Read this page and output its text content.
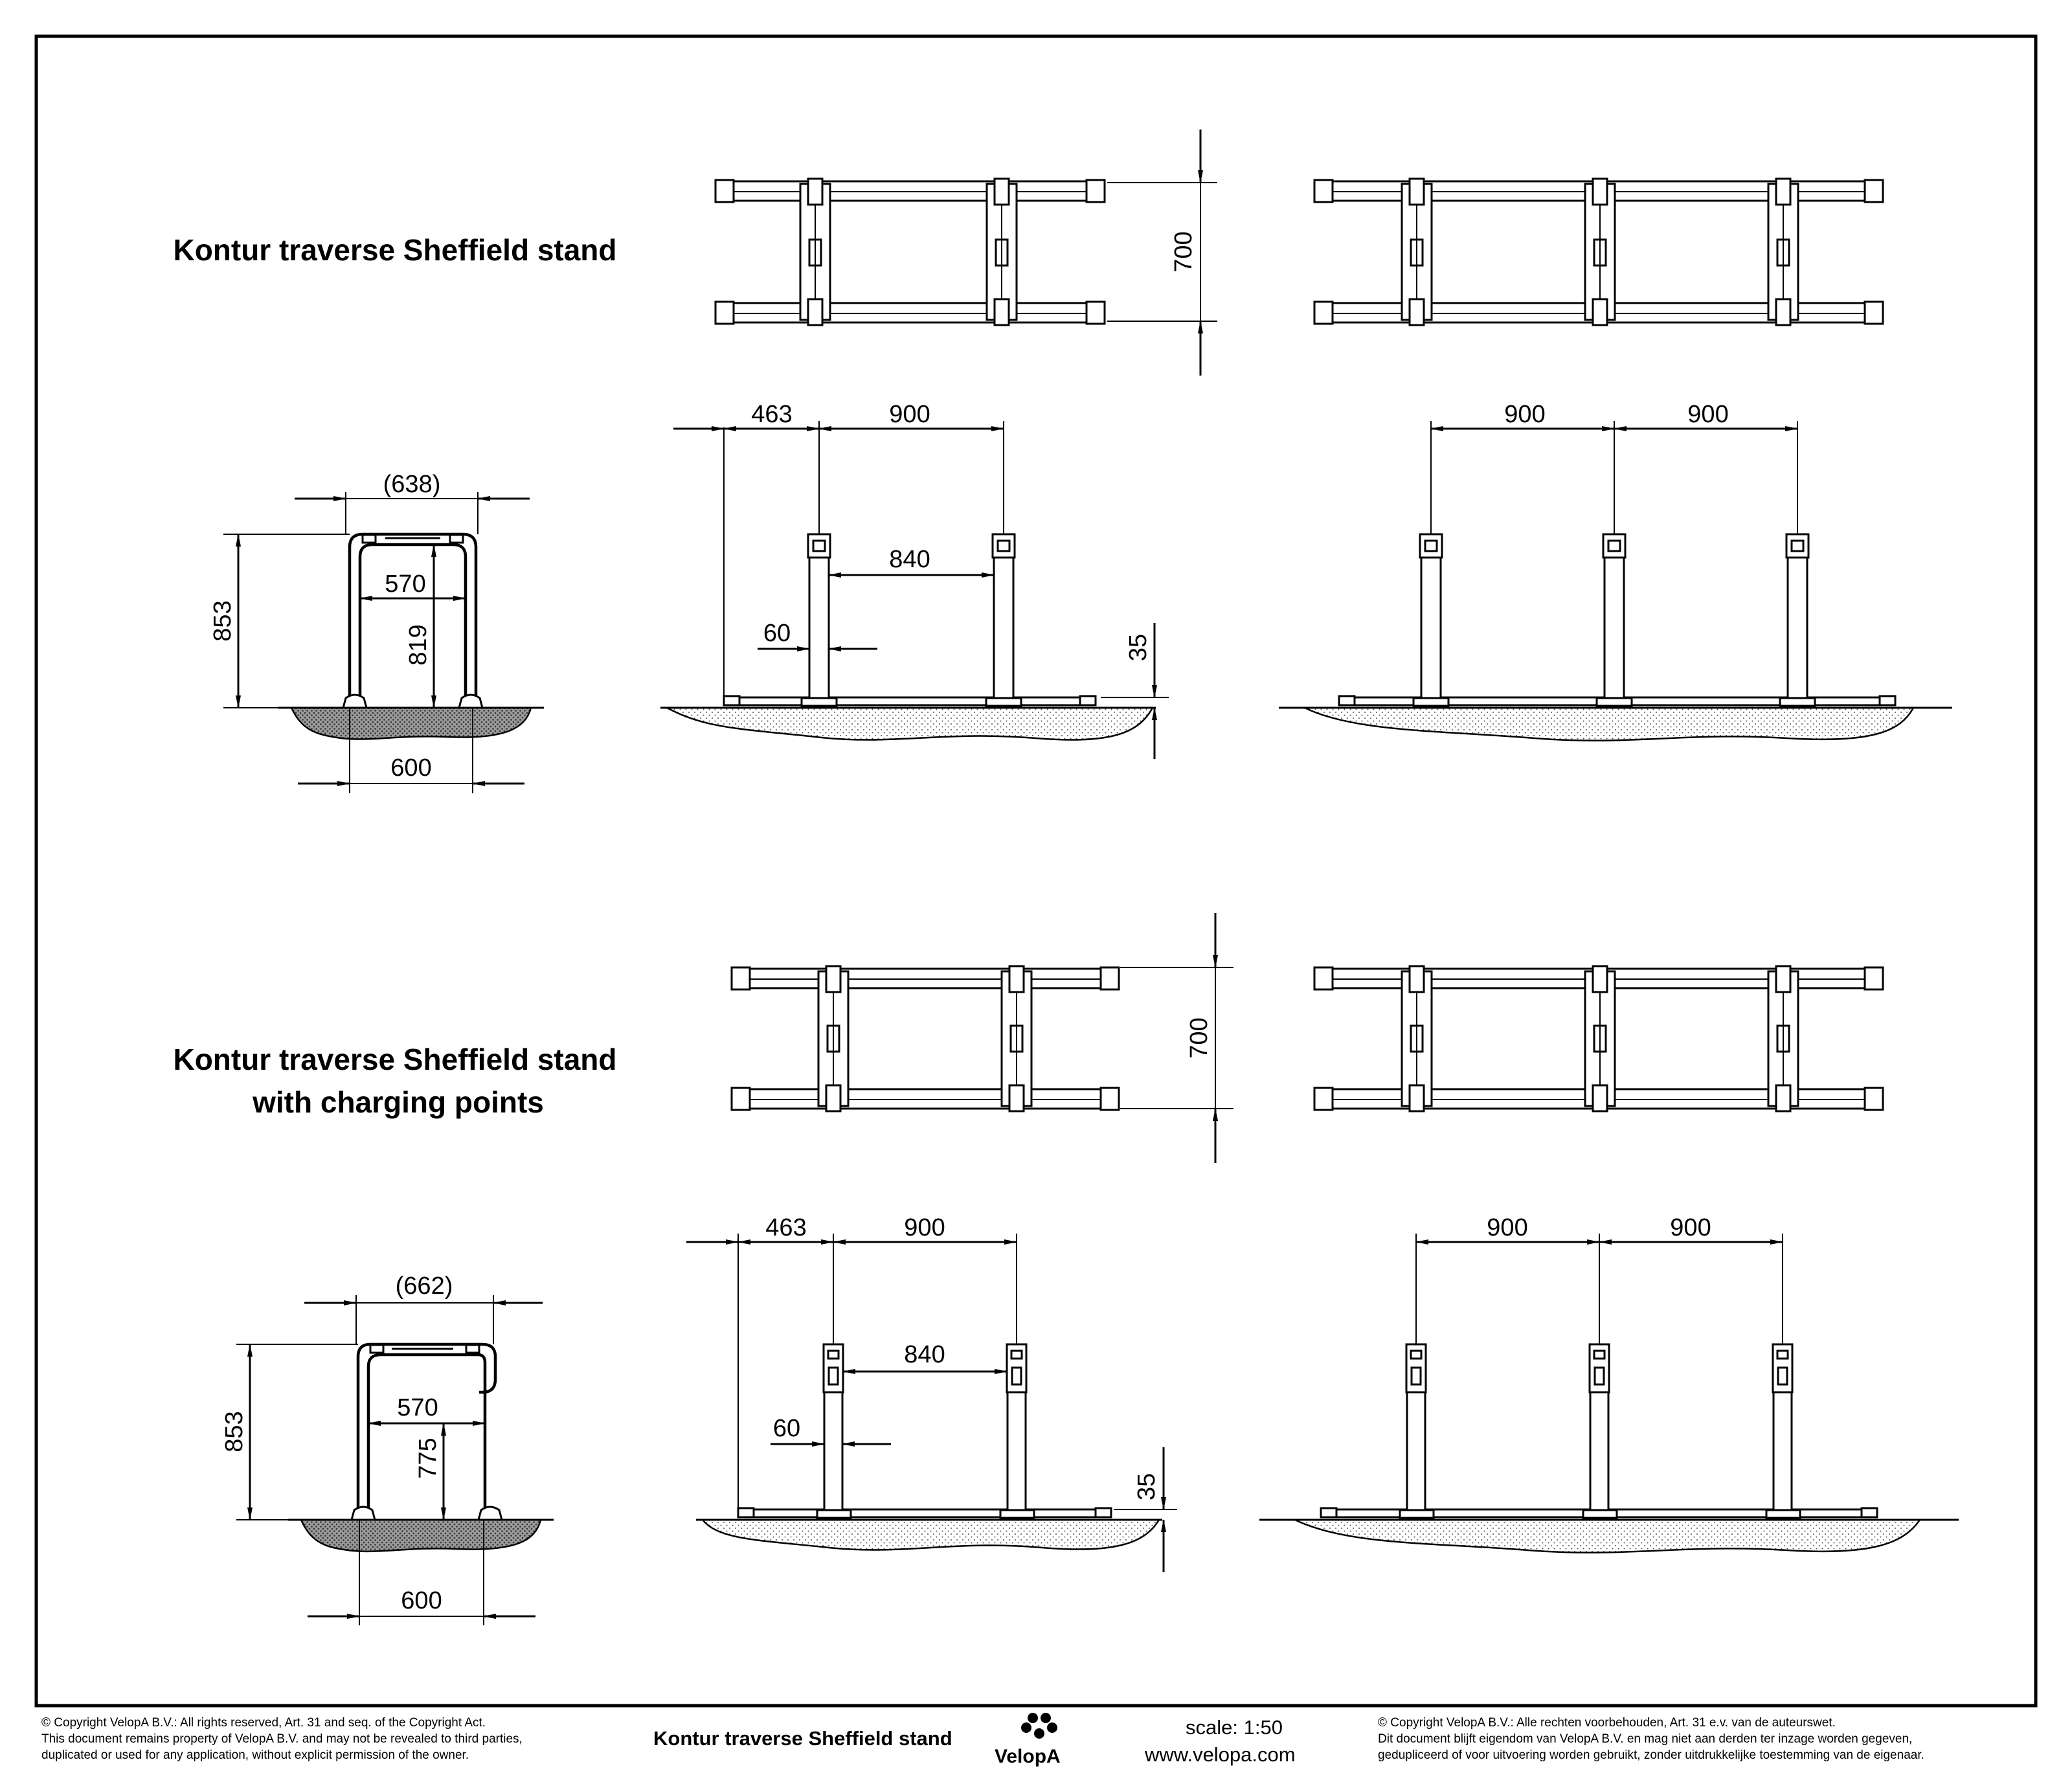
Kontur traverse Sheffield stand	700
(638)
570
853
819
600
463	900
840
60
35
900	900
Kontur traverse Sheffield stand
with charging points
700
(662)
570
853
775
600
463	900
840
60
35
900	900
© Copyright VelopA B.V.: All rights reserved, Art. 31 and seq. of the Copyright Act.
This document remains property of VelopA B.V. and may not be revealed to third parties,
duplicated or used for any application, without explicit permission of the owner.
Kontur traverse Sheffield stand
VelopA
scale: 1:50
www.velopa.com
© Copyright VelopA B.V.: Alle rechten voorbehouden, Art. 31 e.v. van de auteurswet.
Dit document blijft eigendom van VelopA B.V. en mag niet aan derden ter inzage worden gegeven,
gedupliceerd of voor uitvoering worden gebruikt, zonder uitdrukkelijke toestemming van de eigenaar.
